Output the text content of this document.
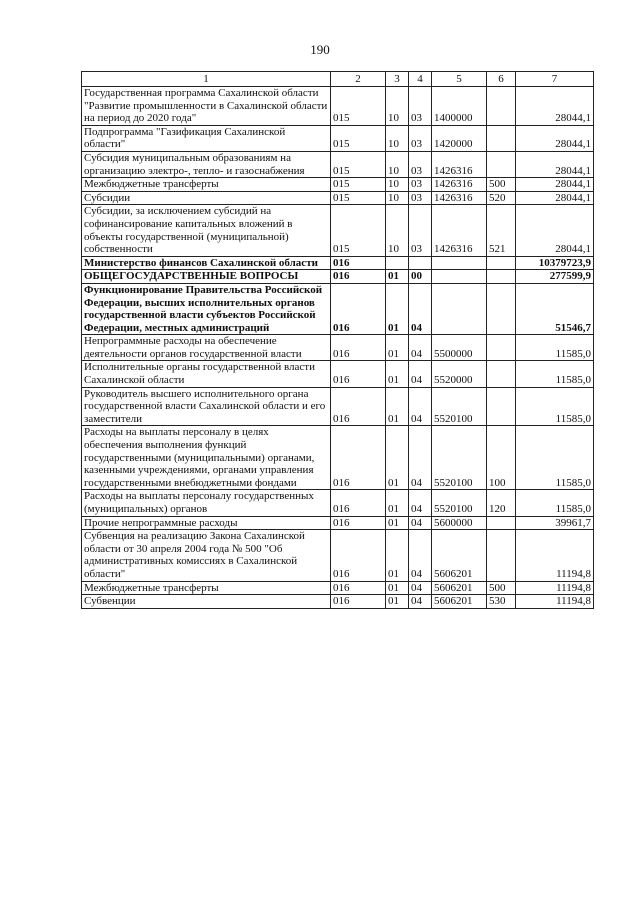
190
1	2	3	4	5	6	7
Государственная программа Сахалинской области "Развитие промышленности в Сахалинской области на период до 2020 года"	015	10	03	1400000		28044,1
Подпрограмма "Газификация Сахалинской области"	015	10	03	1420000		28044,1
Субсидия муниципальным образованиям на организацию электро-, тепло- и газоснабжения	015	10	03	1426316		28044,1
Межбюджетные трансферты	015	10	03	1426316	500	28044,1
Субсидии	015	10	03	1426316	520	28044,1
Субсидии, за исключением субсидий на софинансирование капитальных вложений в объекты государственной (муниципальной) собственности	015	10	03	1426316	521	28044,1
Министерство финансов Сахалинской области	016					10379723,9
ОБЩЕГОСУДАРСТВЕННЫЕ ВОПРОСЫ	016	01	00			277599,9
Функционирование Правительства Российской Федерации, высших исполнительных органов государственной власти субъектов Российской Федерации, местных администраций	016	01	04			51546,7
Непрограммные расходы на обеспечение деятельности органов государственной власти	016	01	04	5500000		11585,0
Исполнительные органы государственной власти Сахалинской области	016	01	04	5520000		11585,0
Руководитель высшего исполнительного органа государственной власти Сахалинской области и его заместители	016	01	04	5520100		11585,0
Расходы на выплаты персоналу в целях обеспечения выполнения функций государственными (муниципальными) органами, казенными учреждениями, органами управления государственными внебюджетными фондами	016	01	04	5520100	100	11585,0
Расходы на выплаты персоналу государственных (муниципальных) органов	016	01	04	5520100	120	11585,0
Прочие непрограммные расходы	016	01	04	5600000		39961,7
Субвенция на реализацию Закона Сахалинской области от 30 апреля 2004 года № 500 "Об административных комиссиях в Сахалинской области"	016	01	04	5606201		11194,8
Межбюджетные трансферты	016	01	04	5606201	500	11194,8
Субвенции	016	01	04	5606201	530	11194,8
